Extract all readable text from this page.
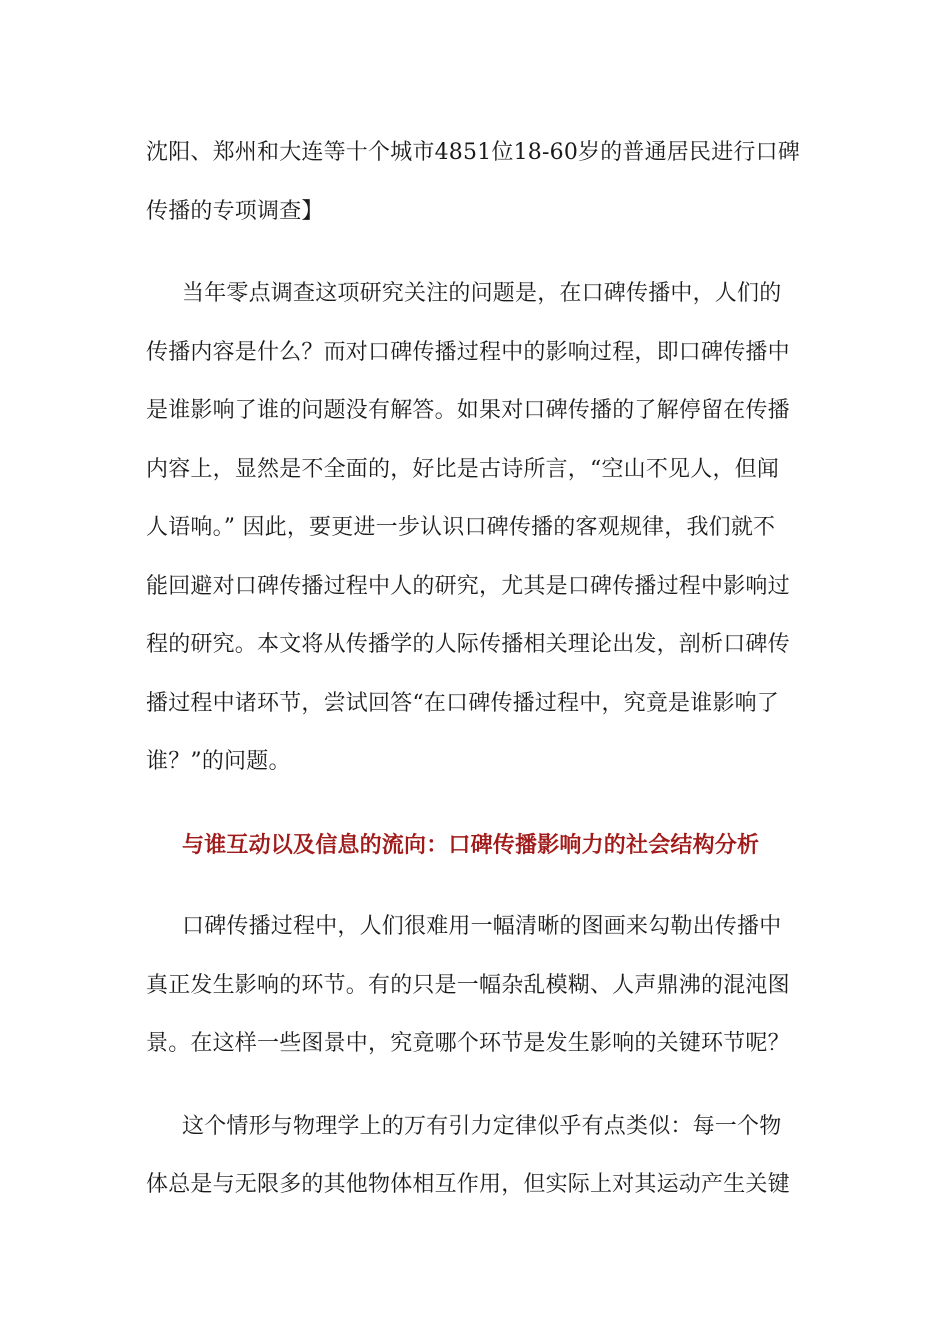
沈阳、郑州和大连等十个城市4851位18-60岁的普通居民进行口碑
传播的专项调查】
当年零点调查这项研究关注的问题是，在口碑传播中，人们的
传播内容是什么？而对口碑传播过程中的影响过程，即口碑传播中
是谁影响了谁的问题没有解答。如果对口碑传播的了解停留在传播
内容上，显然是不全面的，好比是古诗所言，“空山不见人，但闻
人语响。” 因此，要更进一步认识口碑传播的客观规律，我们就不
能回避对口碑传播过程中人的研究，尤其是口碑传播过程中影响过
程的研究。本文将从传播学的人际传播相关理论出发，剖析口碑传
播过程中诸环节，尝试回答“在口碑传播过程中，究竟是谁影响了
谁？”的问题。
与谁互动以及信息的流向：口碑传播影响力的社会结构分析
口碑传播过程中，人们很难用一幅清晰的图画来勾勒出传播中
真正发生影响的环节。有的只是一幅杂乱模糊、人声鼎沸的混沌图
景。在这样一些图景中，究竟哪个环节是发生影响的关键环节呢？
这个情形与物理学上的万有引力定律似乎有点类似：每一个物
体总是与无限多的其他物体相互作用，但实际上对其运动产生关键
